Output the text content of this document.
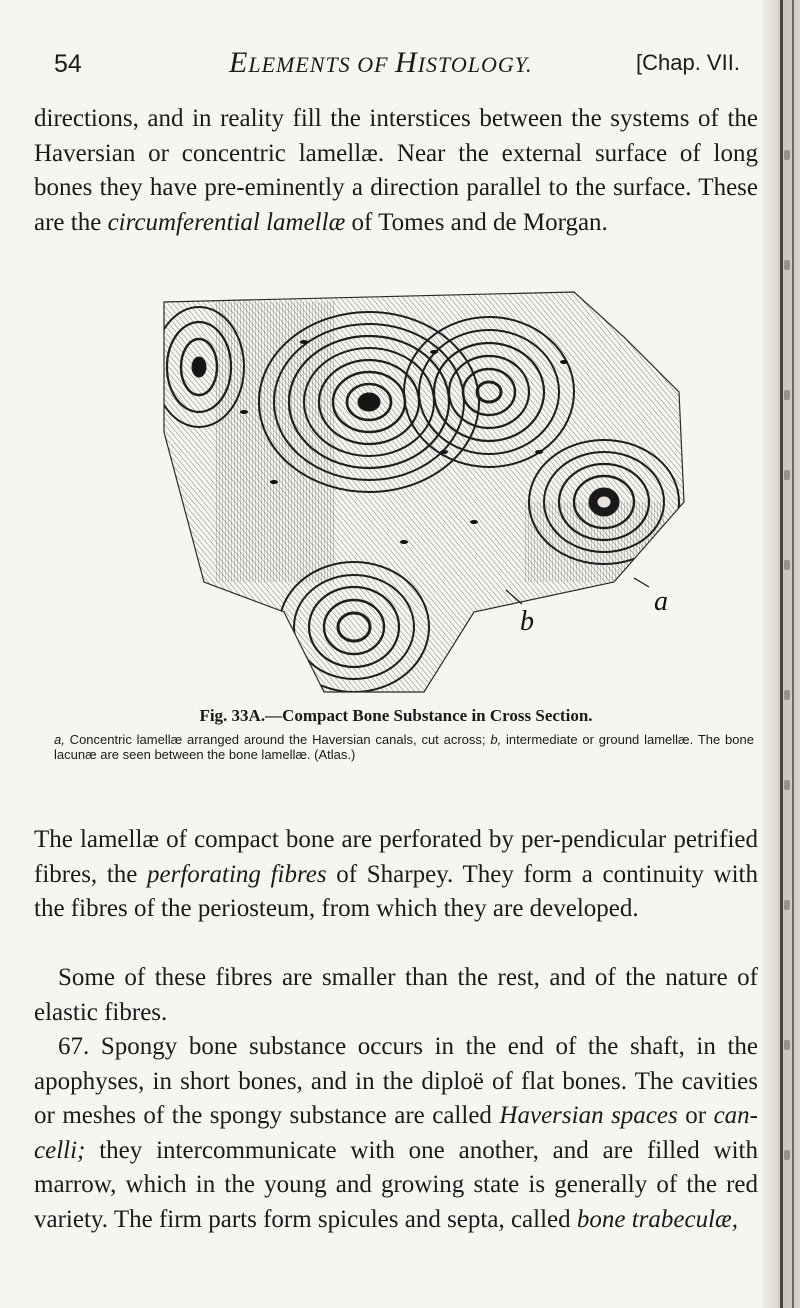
54	ELEMENTS OF HISTOLOGY.	[Chap. VII.

directions, and in reality fill the interstices between the systems of the Haversian or concentric lamellæ. Near the external surface of long bones they have pre-eminently a direction parallel to the surface. These are the circumferential lamellæ of Tomes and de Morgan.

a
b
Fig. 33A.—Compact Bone Substance in Cross Section.
a, Concentric lamellæ arranged around the Haversian canals, cut across; b, intermediate or ground lamellæ. The bone lacunæ are seen between the bone lamellæ. (Atlas.)

The lamellæ of compact bone are perforated by per-pendicular petrified fibres, the perforating fibres of Sharpey. They form a continuity with the fibres of the periosteum, from which they are developed.

Some of these fibres are smaller than the rest, and of the nature of elastic fibres.

67. Spongy bone substance occurs in the end of the shaft, in the apophyses, in short bones, and in the diploë of flat bones. The cavities or meshes of the spongy substance are called Haversian spaces or can-celli; they intercommunicate with one another, and are filled with marrow, which in the young and growing state is generally of the red variety. The firm parts form spicules and septa, called bone trabeculæ,
